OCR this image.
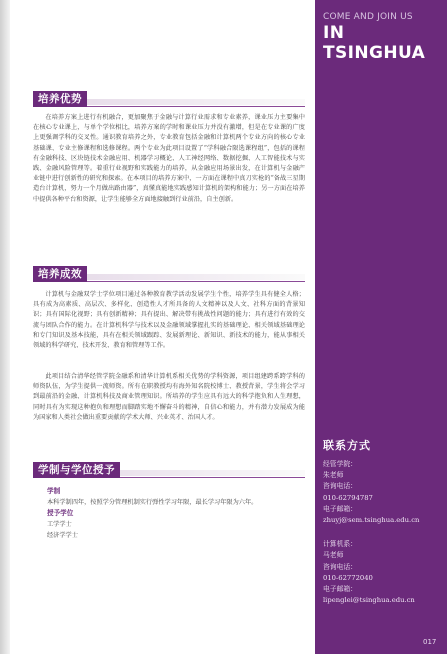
COME AND JOIN US
IN TSINGHUA
联系方式
经管学院：
朱老师
咨询电话：
010-62794787
电子邮箱：
zhuyj@sem.tsinghua.edu.cn
计算机系：
马老师
咨询电话：
010-62772040
电子邮箱：
lipenglei@tsinghua.edu.cn
017
培养优势
在培养方案上进行有机融合，更加聚焦于金融与计算行业需求和专业素养，课业压力主要集中在核心专业课上，与单个学位相比，培养方案的学时和课业压力并没有激增，但是在专业课的广度上更强调学科的交叉性。通识教育培养之外，专业教育包括金融和计算机两个专业方向的核心专业基础课、专业主修课程和选修课程。两个专业为此项目设置了“学科融合限选课程组”，包括的课程有金融科技、区块链技术金融应用、机器学习概论、人工神经网络、数据挖掘、人工智能技术与实践、金融风险管理等。着重行业视野和实践能力的培养，从金融应用场景出发，在计算机与金融产业链中进行创新性的研究和探索。在本项目的培养方案中，一方面在课程中真刀实枪的“备战三星期造台计算机，努力一个月做出路由器”，真懂真能地实践感知计算机的架构和能力；另一方面在培养中提供各种平台和资源，让学生能够全方面地接触到行业前沿，自主创新。
培养成效
计算机与金融双学士学位项目通过各种教育教学活动发展学生个性，培养学生具有健全人格；具有成为高素质、高层次、多样化、创造性人才所具备的人文精神以及人文、社科方面的背景知识；具有国际化视野；具有创新精神；具有提出、解决带有挑战性问题的能力；具有进行有效的交流与团队合作的能力。在计算机科学与技术以及金融领域掌握扎实的基础理论、相关领域基础理论和专门知识及基本技能，具有在相关领域跟踪、发展新理论、新知识、新技术的能力，能从事相关领域的科学研究、技术开发、教育和管理等工作。
此项目结合清华经管学院金融系和清华计算机系相关优势的学科资源，项目组建跨系跨学科的师资队伍，为学生提供一流师资。所有在职教授均有海外知名院校博士、教授背景，学生将会学习到最前沿的金融、计算机科技及商业管理知识。所培养的学生应具有远大的科学抱负和人生理想，同时具有为实现这种抱负和理想而脚踏实地不懈奋斗的精神，自信心和能力，并有潜力发展成为能为国家和人类社会做出重要贡献的学术大师、兴业英才、治国人才。
学制与学位授予
学制
本科学制四年，按照学分管理机制实行弹性学习年限，最长学习年限为六年。
授予学位
工学学士
经济学学士
